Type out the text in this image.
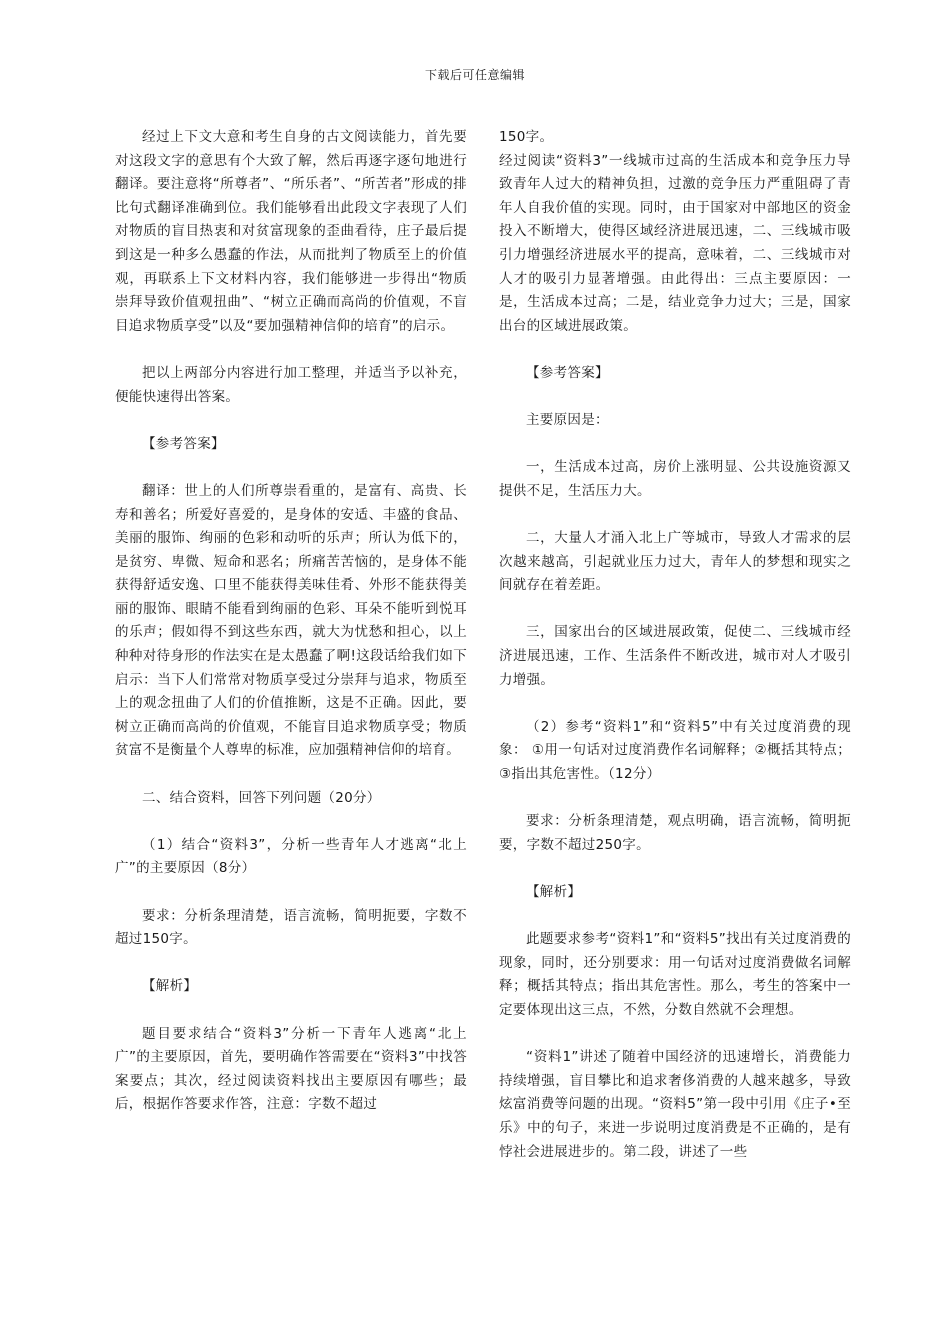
下载后可任意编辑

经过上下文大意和考生自身的古文阅读能力，首先要对这段文字的意思有个大致了解，然后再逐字逐句地进行翻译。要注意将“所尊者”、“所乐者”、“所苦者”形成的排比句式翻译准确到位。我们能够看出此段文字表现了人们对物质的盲目热衷和对贫富现象的歪曲看待，庄子最后提到这是一种多么愚蠢的作法，从而批判了物质至上的价值观，再联系上下文材料内容，我们能够进一步得出“物质崇拜导致价值观扭曲”、“树立正确而高尚的价值观，不盲目追求物质享受”以及“要加强精神信仰的培育”的启示。

把以上两部分内容进行加工整理，并适当予以补充，便能快速得出答案。

【参考答案】

翻译：世上的人们所尊崇看重的，是富有、高贵、长寿和善名；所爱好喜爱的，是身体的安适、丰盛的食品、美丽的服饰、绚丽的色彩和动听的乐声；所认为低下的，是贫穷、卑微、短命和恶名；所痛苦苦恼的，是身体不能获得舒适安逸、口里不能获得美味佳肴、外形不能获得美丽的服饰、眼睛不能看到绚丽的色彩、耳朵不能听到悦耳的乐声；假如得不到这些东西，就大为忧愁和担心，以上种种对待身形的作法实在是太愚蠢了啊!这段话给我们如下启示：当下人们常常对物质享受过分崇拜与追求，物质至上的观念扭曲了人们的价值推断，这是不正确。因此，要树立正确而高尚的价值观，不能盲目追求物质享受；物质贫富不是衡量个人尊卑的标准，应加强精神信仰的培育。

二、结合资料，回答下列问题（20分）

（1）结合“资料3”，分析一些青年人才逃离“北上广”的主要原因（8分）

要求：分析条理清楚，语言流畅，简明扼要，字数不超过150字。

【解析】

题目要求结合“资料3”分析一下青年人逃离“北上广”的主要原因，首先，要明确作答需要在“资料3”中找答案要点；其次，经过阅读资料找出主要原因有哪些；最后，根据作答要求作答，注意：字数不超过

150字。

经过阅读“资料3”一线城市过高的生活成本和竞争压力导致青年人过大的精神负担，过激的竞争压力严重阻碍了青年人自我价值的实现。同时，由于国家对中部地区的资金投入不断增大，使得区域经济进展迅速，二、三线城市吸引力增强经济进展水平的提高，意味着，二、三线城市对人才的吸引力显著增强。由此得出：三点主要原因：一是，生活成本过高；二是，结业竞争力过大；三是，国家出台的区域进展政策。

【参考答案】

主要原因是：

一，生活成本过高，房价上涨明显、公共设施资源又提供不足，生活压力大。

二，大量人才涌入北上广等城市，导致人才需求的层次越来越高，引起就业压力过大，青年人的梦想和现实之间就存在着差距。

三，国家出台的区域进展政策，促使二、三线城市经济进展迅速，工作、生活条件不断改进，城市对人才吸引力增强。

（2）参考“资料1”和“资料5”中有关过度消费的现象： ①用一句话对过度消费作名词解释；②概括其特点；③指出其危害性。（12分）

要求：分析条理清楚，观点明确，语言流畅，简明扼要，字数不超过250字。

【解析】

此题要求参考“资料1”和“资料5”找出有关过度消费的现象，同时，还分别要求：用一句话对过度消费做名词解释；概括其特点；指出其危害性。那么，考生的答案中一定要体现出这三点，不然，分数自然就不会理想。

“资料1”讲述了随着中国经济的迅速增长，消费能力持续增强，盲目攀比和追求奢侈消费的人越来越多，导致炫富消费等问题的出现。“资料5”第一段中引用《庄子•至乐》中的句子，来进一步说明过度消费是不正确的，是有悖社会进展进步的。第二段，讲述了一些
